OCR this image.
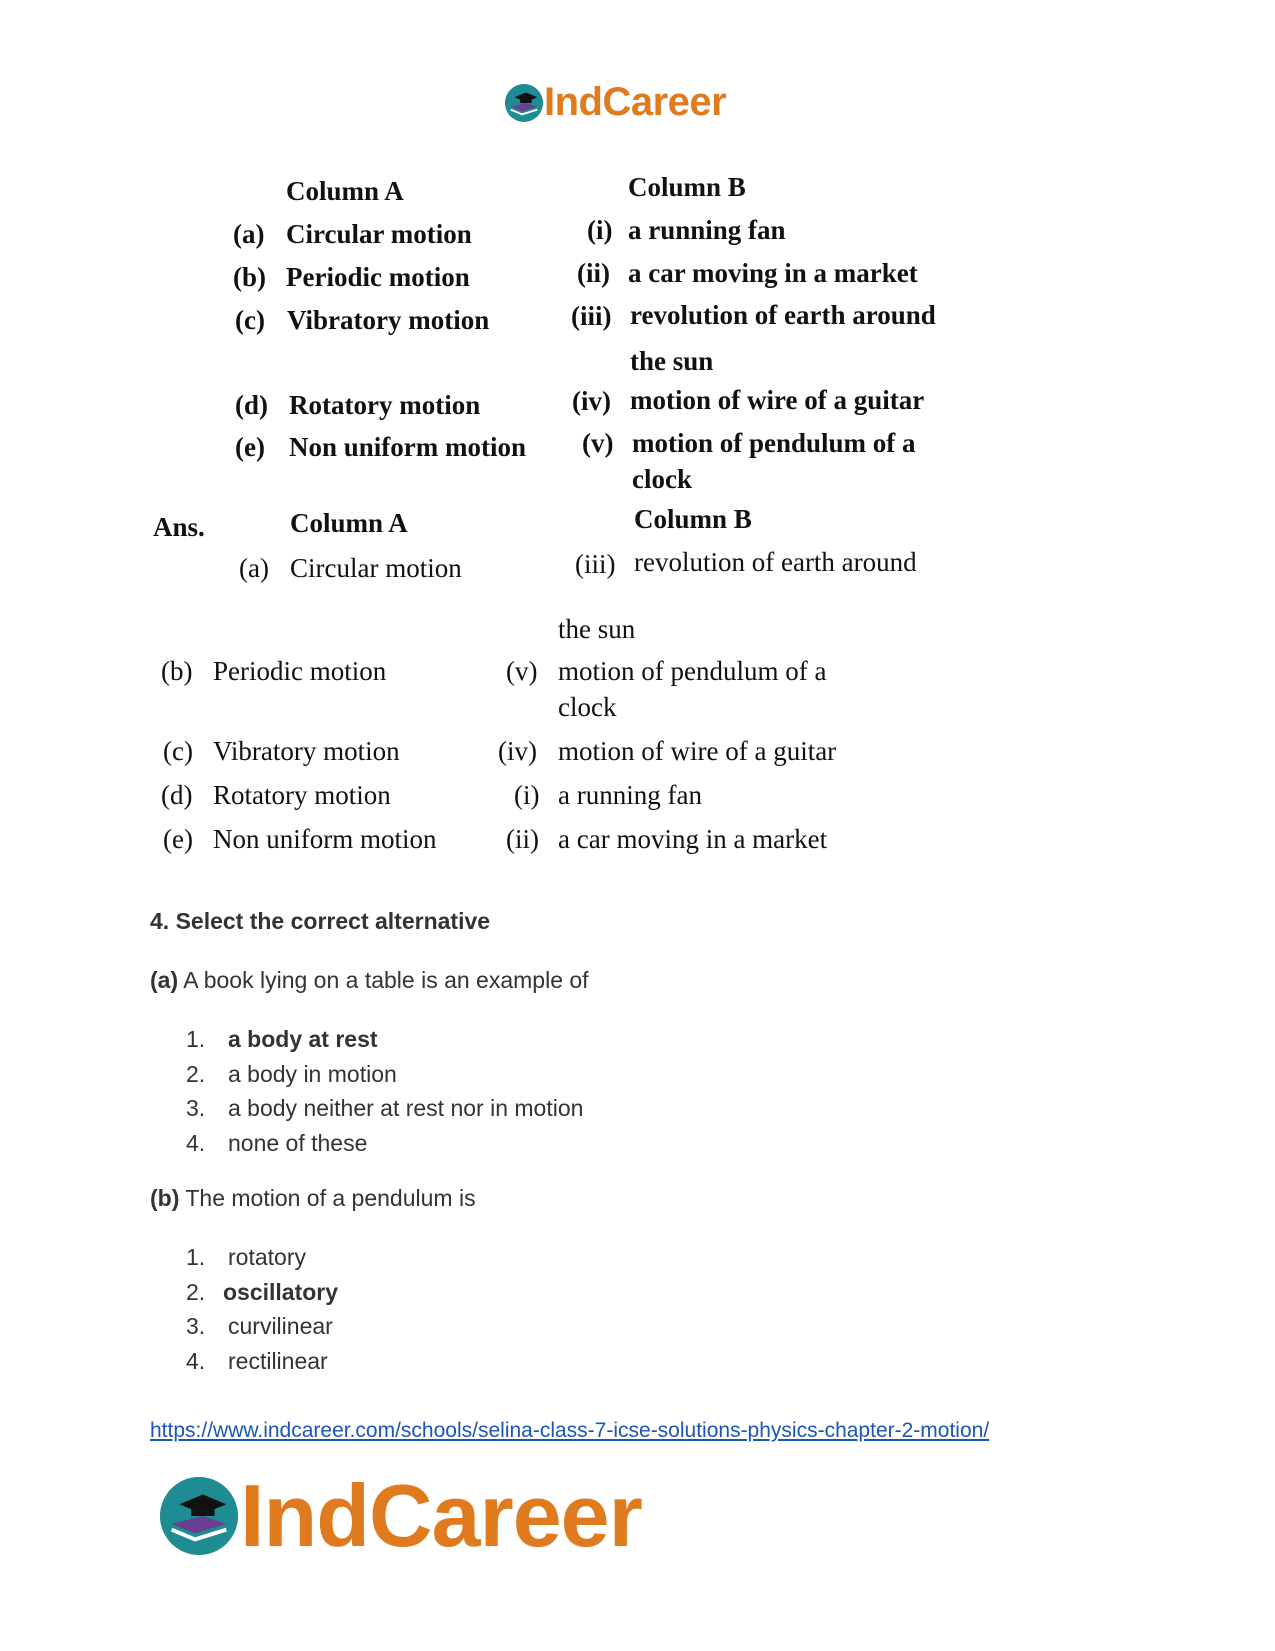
IndCareer
Column A	Column B
(a) Circular motion	(i) a running fan
(b) Periodic motion	(ii) a car moving in a market
(c) Vibratory motion	(iii) revolution of earth around
the sun
(d) Rotatory motion	(iv) motion of wire of a guitar
(e) Non uniform motion (v) motion of pendulum of a
clock
Ans.	Column A	Column B
(a) Circular motion	(iii) revolution of earth around
the sun
(b) Periodic motion	(v) motion of pendulum of a
clock
(c) Vibratory motion	(iv) motion of wire of a guitar
(d) Rotatory motion	(i) a running fan
(e) Non uniform motion	(ii) a car moving in a market
4. Select the correct alternative
(a) A book lying on a table is an example of
1. a body at rest
2. a body in motion
3. a body neither at rest nor in motion
4. none of these
(b) The motion of a pendulum is
1. rotatory
2. oscillatory
3. curvilinear
4. rectilinear
https://www.indcareer.com/schools/selina-class-7-icse-solutions-physics-chapter-2-motion/
IndCareer
